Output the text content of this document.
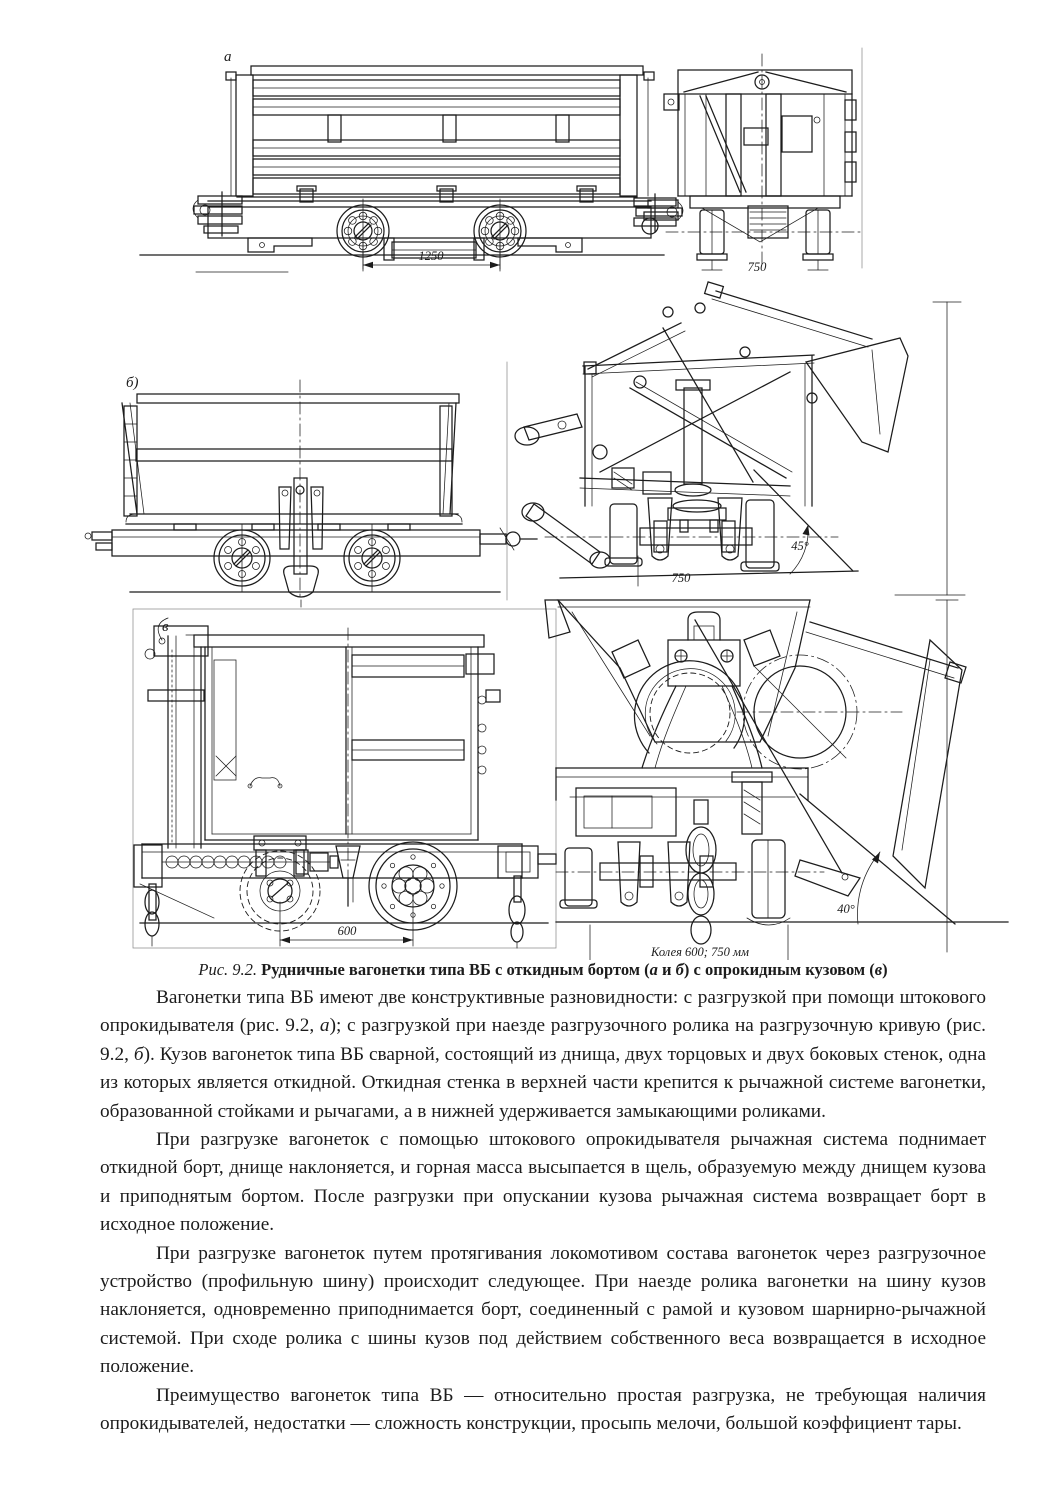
1250
а
750
б)
45°
750
600
в
40°
Колея 600; 750 мм

Рис. 9.2. Рудничные вагонетки типа ВБ с откидным бортом (а и б) с опрокидным кузовом (в)

Вагонетки типа ВБ имеют две конструктивные разновидности: с разгрузкой при помощи штокового опрокидывателя (рис. 9.2, а); с разгрузкой при наезде разгрузочного ролика на разгрузочную кривую (рис. 9.2, б). Кузов вагонеток типа ВБ сварной, состоящий из днища, двух торцовых и двух боковых стенок, одна из которых является откидной. Откидная стенка в верхней части крепится к рычажной системе вагонетки, образованной стойками и рычагами, а в нижней удерживается замыкающими роликами.

При разгрузке вагонеток с помощью штокового опрокидывателя рычажная система поднимает откидной борт, днище наклоняется, и горная масса высыпается в щель, образуемую между днищем кузова и приподнятым бортом. После разгрузки при опускании кузова рычажная система возвращает борт в исходное положение.

При разгрузке вагонеток путем протягивания локомотивом состава вагонеток через разгрузочное устройство (профильную шину) происходит следующее. При наезде ролика вагонетки на шину кузов наклоняется, одновременно приподнимается борт, соединенный с рамой и кузовом шарнирно-рычажной системой. При сходе ролика с шины кузов под действием собственного веса возвращается в исходное положение.

Преимущество вагонеток типа ВБ — относительно простая разгрузка, не требующая наличия опрокидывателей, недостатки — сложность конструкции, просыпь мелочи, большой коэффициент тары.
